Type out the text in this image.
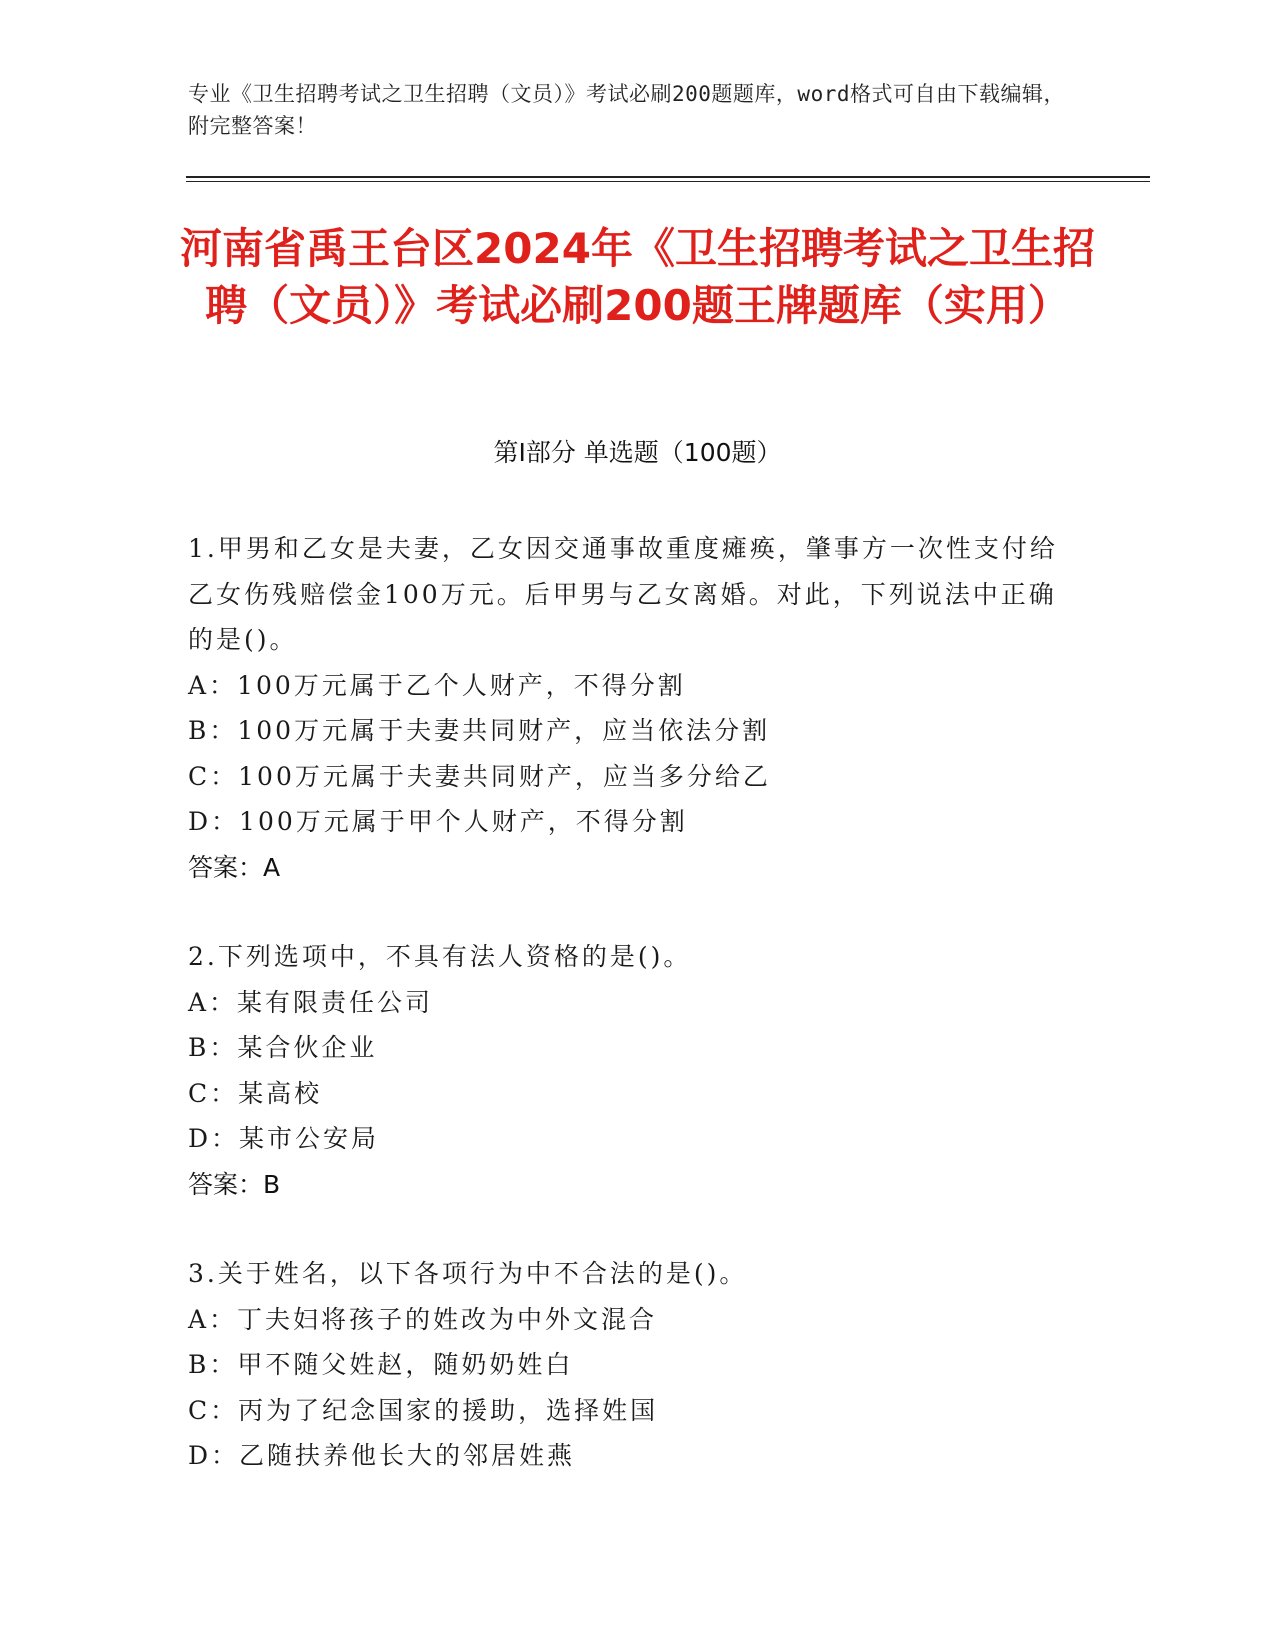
专业《卫生招聘考试之卫生招聘（文员）》考试必刷200题题库，word格式可自由下载编辑，附完整答案！
河南省禹王台区2024年《卫生招聘考试之卫生招聘（文员）》考试必刷200题王牌题库（实用）
第I部分 单选题（100题）

1.甲男和乙女是夫妻，乙女因交通事故重度瘫痪，肇事方一次性支付给乙女伤残赔偿金100万元。后甲男与乙女离婚。对此，下列说法中正确的是()。

A：100万元属于乙个人财产，不得分割

B：100万元属于夫妻共同财产，应当依法分割

C：100万元属于夫妻共同财产，应当多分给乙

D：100万元属于甲个人财产，不得分割

答案：A

2.下列选项中，不具有法人资格的是()。

A：某有限责任公司

B：某合伙企业

C：某高校

D：某市公安局

答案：B

3.关于姓名，以下各项行为中不合法的是()。

A：丁夫妇将孩子的姓改为中外文混合

B：甲不随父姓赵，随奶奶姓白

C：丙为了纪念国家的援助，选择姓国

D：乙随扶养他长大的邻居姓燕
